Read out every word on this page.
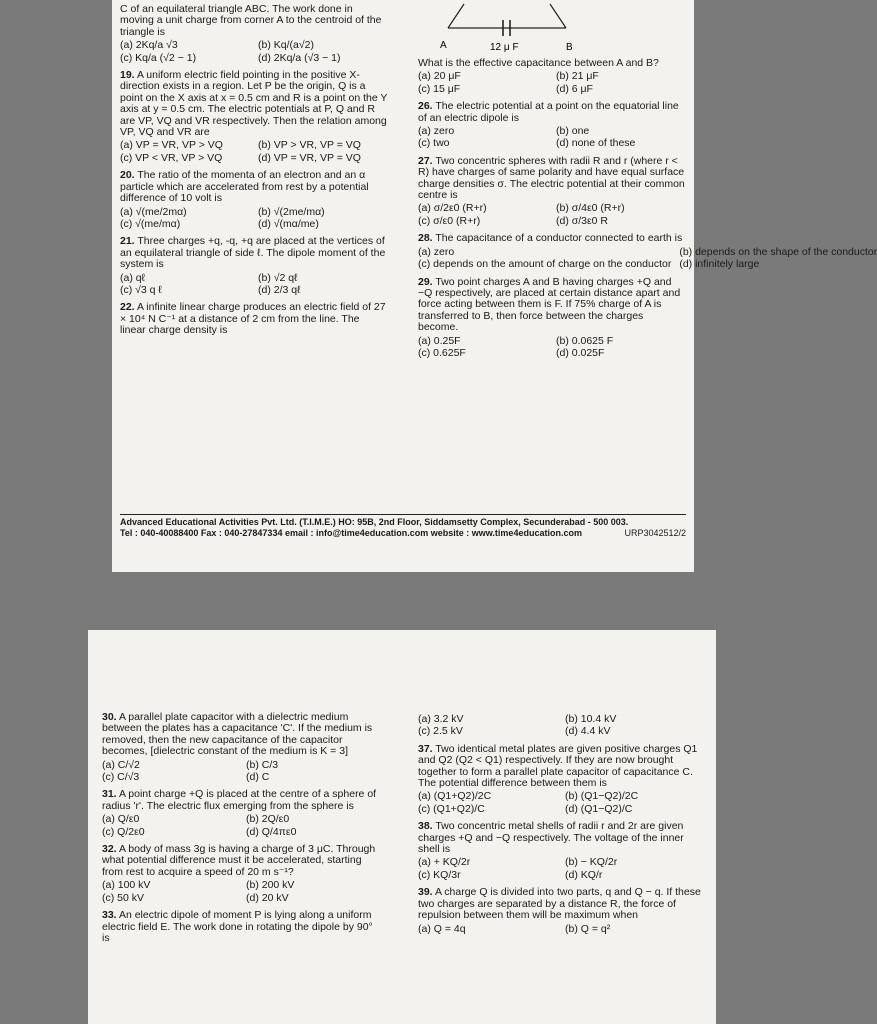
C of an equilateral triangle ABC. The work done in moving a unit charge from corner A to the centroid of the triangle is
(a) 2Kq/a √3	(b) Kq/(a√2)
(c) Kq/a (√2 − 1)	(d) 2Kq/a (√3 − 1)
19. A uniform electric field pointing in the positive X-direction exists in a region. Let P be the origin, Q is a point on the X axis at x = 0.5 cm and R is a point on the Y axis at y = 0.5 cm. The electric potentials at P, Q and R are VP, VQ and VR respectively. Then the relation among VP, VQ and VR are
(a) VP = VR, VP > VQ	(b) VP > VR, VP = VQ
(c) VP < VR, VP > VQ	(d) VP = VR, VP = VQ
20. The ratio of the momenta of an electron and an α particle which are accelerated from rest by a potential difference of 10 volt is
(a) √(me/2mα)	(b) √(2me/mα)
(c) √(me/mα)	(d) √(mα/me)
21. Three charges +q, -q, +q are placed at the vertices of an equilateral triangle of side ℓ. The dipole moment of the system is
(a) qℓ	(b) √2 qℓ
(c) √3 q ℓ	(d) 2/3 qℓ
22. A infinite linear charge produces an electric field of 27 × 10⁴ N C⁻¹ at a distance of 2 cm from the line. The linear charge density is
A	12 μ F	B
What is the effective capacitance between A and B?
(a) 20 μF	(b) 21 μF
(c) 15 μF	(d) 6 μF
26. The electric potential at a point on the equatorial line of an electric dipole is
(a) zero	(b) one
(c) two	(d) none of these
27. Two concentric spheres with radii R and r (where r < R) have charges of same polarity and have equal surface charge densities σ. The electric potential at their common centre is
(a) σ/2ε0 (R+r)	(b) σ/4ε0 (R+r)
(c) σ/ε0 (R+r)	(d) σ/3ε0 R
28. The capacitance of a conductor connected to earth is
(a) zero	(b) depends on the shape of the conductor
(c) depends on the amount of charge on the conductor (d) infinitely large
29. Two point charges A and B having charges +Q and −Q respectively, are placed at certain distance apart and force acting between them is F. If 75% charge of A is transferred to B, then force between the charges become.
(a) 0.25F	(b) 0.0625 F
(c) 0.625F	(d) 0.025F
Advanced Educational Activities Pvt. Ltd. (T.I.M.E.) HO: 95B, 2nd Floor, Siddamsetty Complex, Secunderabad - 500 003.
Tel : 040-40088400 Fax : 040-27847334 email : info@time4education.com website : www.time4education.com	URP3042512/2
30. A parallel plate capacitor with a dielectric medium between the plates has a capacitance 'C'. If the medium is removed, then the new capacitance of the capacitor becomes, [dielectric constant of the medium is K = 3]
(a) C/√2	(b) C/3
(c) C/√3	(d) C
31. A point charge +Q is placed at the centre of a sphere of radius 'r'. The electric flux emerging from the sphere is
(a) Q/ε0	(b) 2Q/ε0
(c) Q/2ε0	(d) Q/4πε0
32. A body of mass 3g is having a charge of 3 μC. Through what potential difference must it be accelerated, starting from rest to acquire a speed of 20 m s⁻¹?
(a) 100 kV	(b) 200 kV
(c) 50 kV	(d) 20 kV
33. An electric dipole of moment P is lying along a uniform electric field E. The work done in rotating the dipole by 90° is
(a) 3.2 kV	(b) 10.4 kV
(c) 2.5 kV	(d) 4.4 kV
37. Two identical metal plates are given positive charges Q1 and Q2 (Q2 < Q1) respectively. If they are now brought together to form a parallel plate capacitor of capacitance C. The potential difference between them is
(a) (Q1+Q2)/2C	(b) (Q1−Q2)/2C
(c) (Q1+Q2)/C	(d) (Q1−Q2)/C
38. Two concentric metal shells of radii r and 2r are given charges +Q and −Q respectively. The voltage of the inner shell is
(a) + KQ/2r	(b) − KQ/2r
(c) KQ/3r	(d) KQ/r
39. A charge Q is divided into two parts, q and Q − q. If these two charges are separated by a distance R, the force of repulsion between them will be maximum when
(a) Q = 4q	(b) Q = q²
